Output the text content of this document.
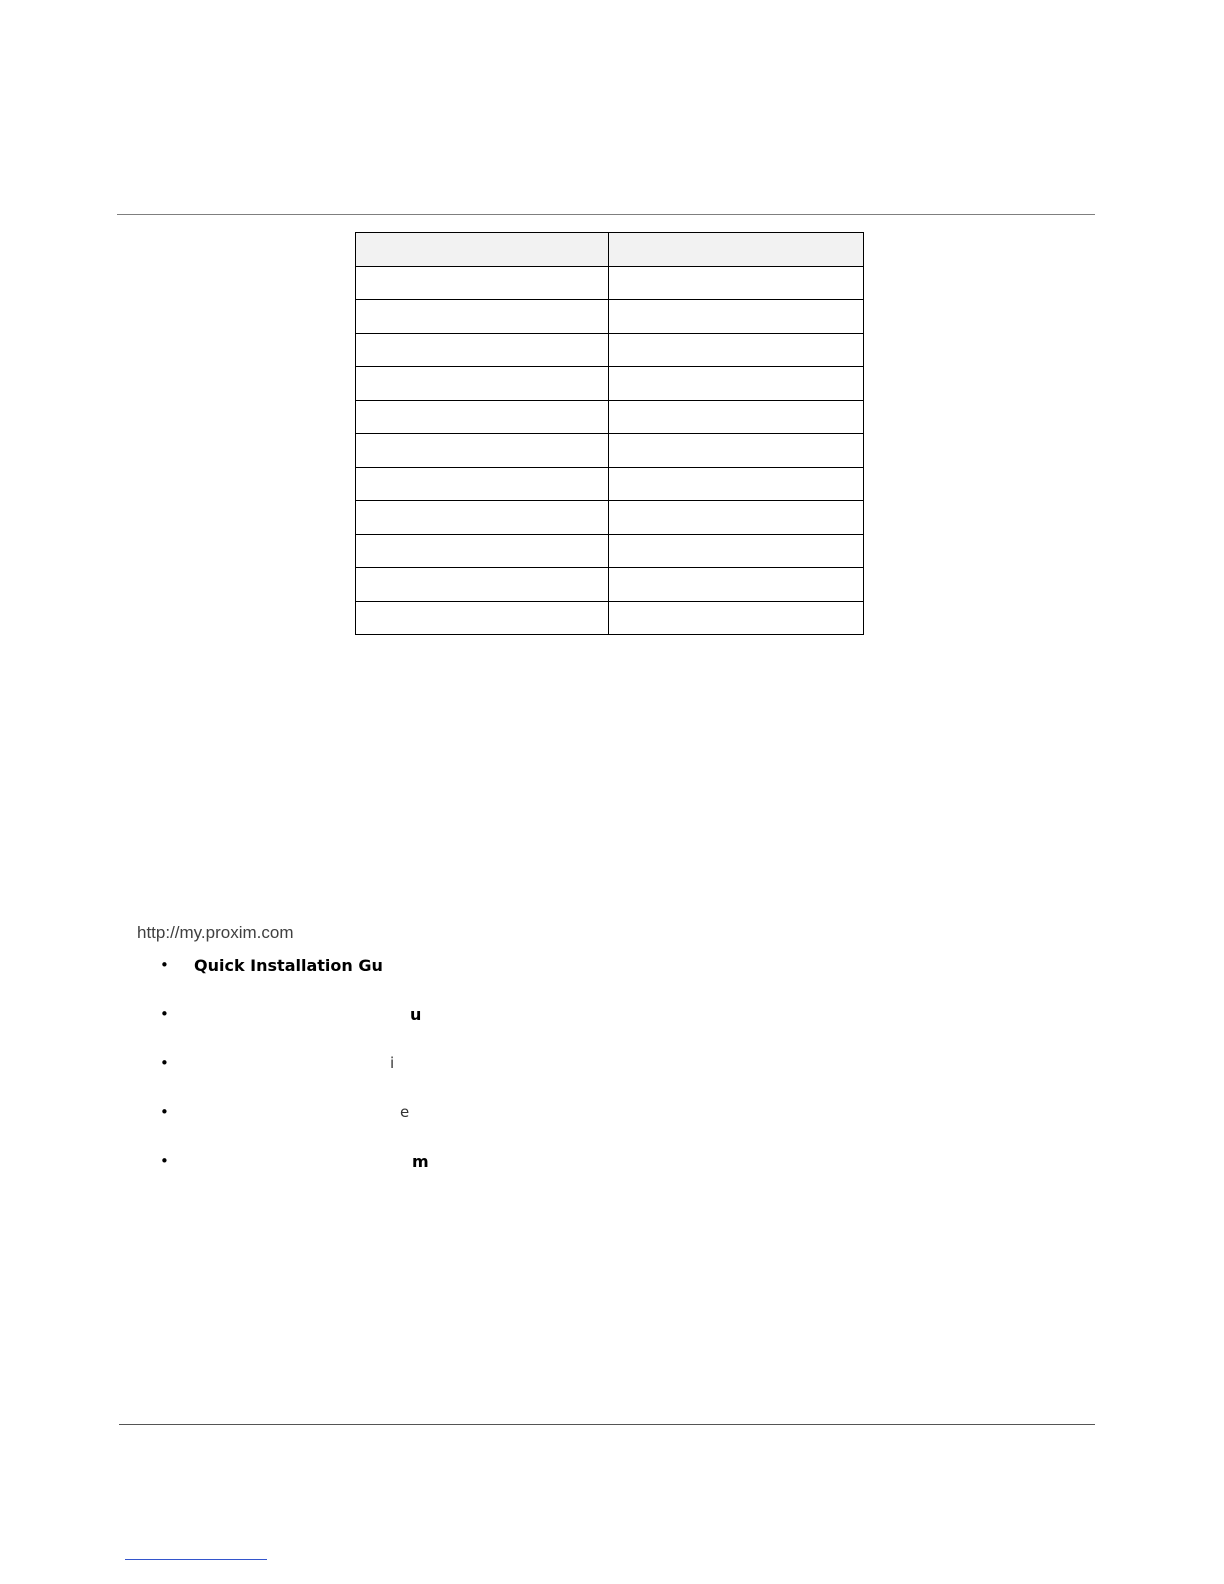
http://my.proxim.com
• Quick Installation Gu
•	u
•	i
•	e
•	m
